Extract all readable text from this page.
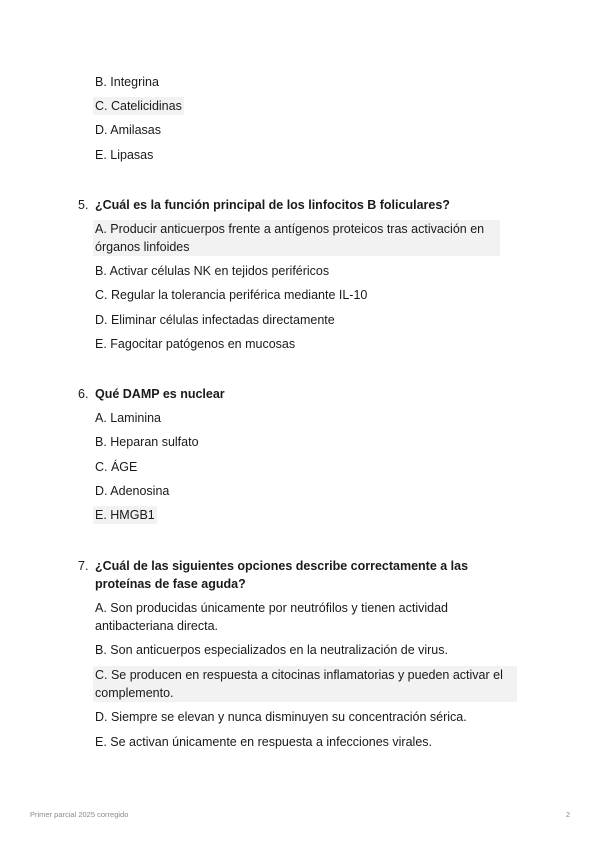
B. Integrina
C. Catelicidinas
D. Amilasas
E. Lipasas
5. ¿Cuál es la función principal de los linfocitos B foliculares?
A. Producir anticuerpos frente a antígenos proteicos tras activación en órganos linfoides
B. Activar células NK en tejidos periféricos
C. Regular la tolerancia periférica mediante IL-10
D. Eliminar células infectadas directamente
E. Fagocitar patógenos en mucosas
6. Qué DAMP es nuclear
A. Laminina
B. Heparan sulfato
C. ÁGE
D. Adenosina
E. HMGB1
7. ¿Cuál de las siguientes opciones describe correctamente a las proteínas de fase aguda?
A. Son producidas únicamente por neutrófilos y tienen actividad antibacteriana directa.
B. Son anticuerpos especializados en la neutralización de virus.
C. Se producen en respuesta a citocinas inflamatorias y pueden activar el complemento.
D. Siempre se elevan y nunca disminuyen su concentración sérica.
E. Se activan únicamente en respuesta a infecciones virales.
Primer parcial 2025 corregido	2
